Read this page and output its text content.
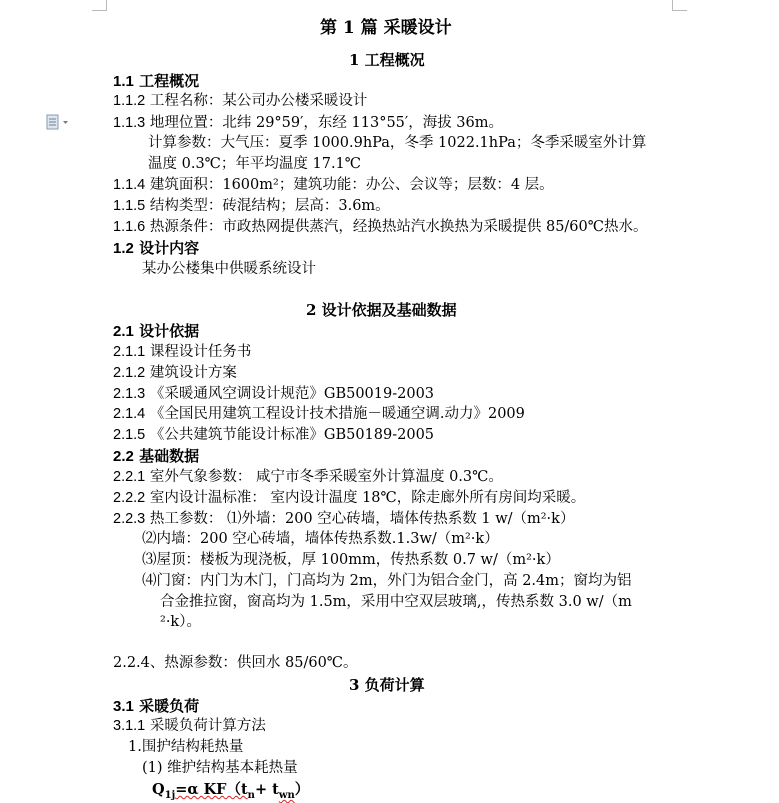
第 1 篇 采暖设计
1 工程概况
1.1 工程概况
1.1.2 工程名称：某公司办公楼采暖设计
1.1.3 地理位置：北纬 29°59′，东经 113°55′，海拔 36m。
计算参数：大气压：夏季 1000.9hPa，冬季 1022.1hPa；冬季采暖室外计算
温度 0.3℃；年平均温度 17.1℃
1.1.4 建筑面积：1600m²；建筑功能：办公、会议等；层数：4 层。
1.1.5 结构类型：砖混结构；层高：3.6m。
1.1.6 热源条件：市政热网提供蒸汽，经换热站汽水换热为采暖提供 85/60℃热水。
1.2 设计内容
某办公楼集中供暖系统设计
2 设计依据及基础数据
2.1 设计依据
2.1.1 课程设计任务书
2.1.2 建筑设计方案
2.1.3 《采暖通风空调设计规范》GB50019-2003
2.1.4 《全国民用建筑工程设计技术措施－暖通空调.动力》2009
2.1.5 《公共建筑节能设计标准》GB50189-2005
2.2 基础数据
2.2.1 室外气象参数： 咸宁市冬季采暖室外计算温度 0.3℃。
2.2.2 室内设计温标准： 室内设计温度 18℃，除走廊外所有房间均采暖。
2.2.3 热工参数： ⑴外墙：200 空心砖墙，墙体传热系数 1 w/（m²·k）
⑵内墙：200 空心砖墙，墙体传热系数.1.3w/（m²·k）
⑶屋顶：楼板为现浇板，厚 100mm，传热系数 0.7 w/（m²·k）
⑷门窗：内门为木门，门高均为 2m，外门为铝合金门，高 2.4m；窗均为铝
合金推拉窗，窗高均为 1.5m，采用中空双层玻璃,，传热系数 3.0 w/（m
²·k）。
2.2.4、热源参数：供回水 85/60℃。
3 负荷计算
3.1 采暖负荷
3.1.1 采暖负荷计算方法
1.围护结构耗热量
(1) 维护结构基本耗热量
$Q_{1j}=\alpha$ $KF(t_n+ t_{wn})$
